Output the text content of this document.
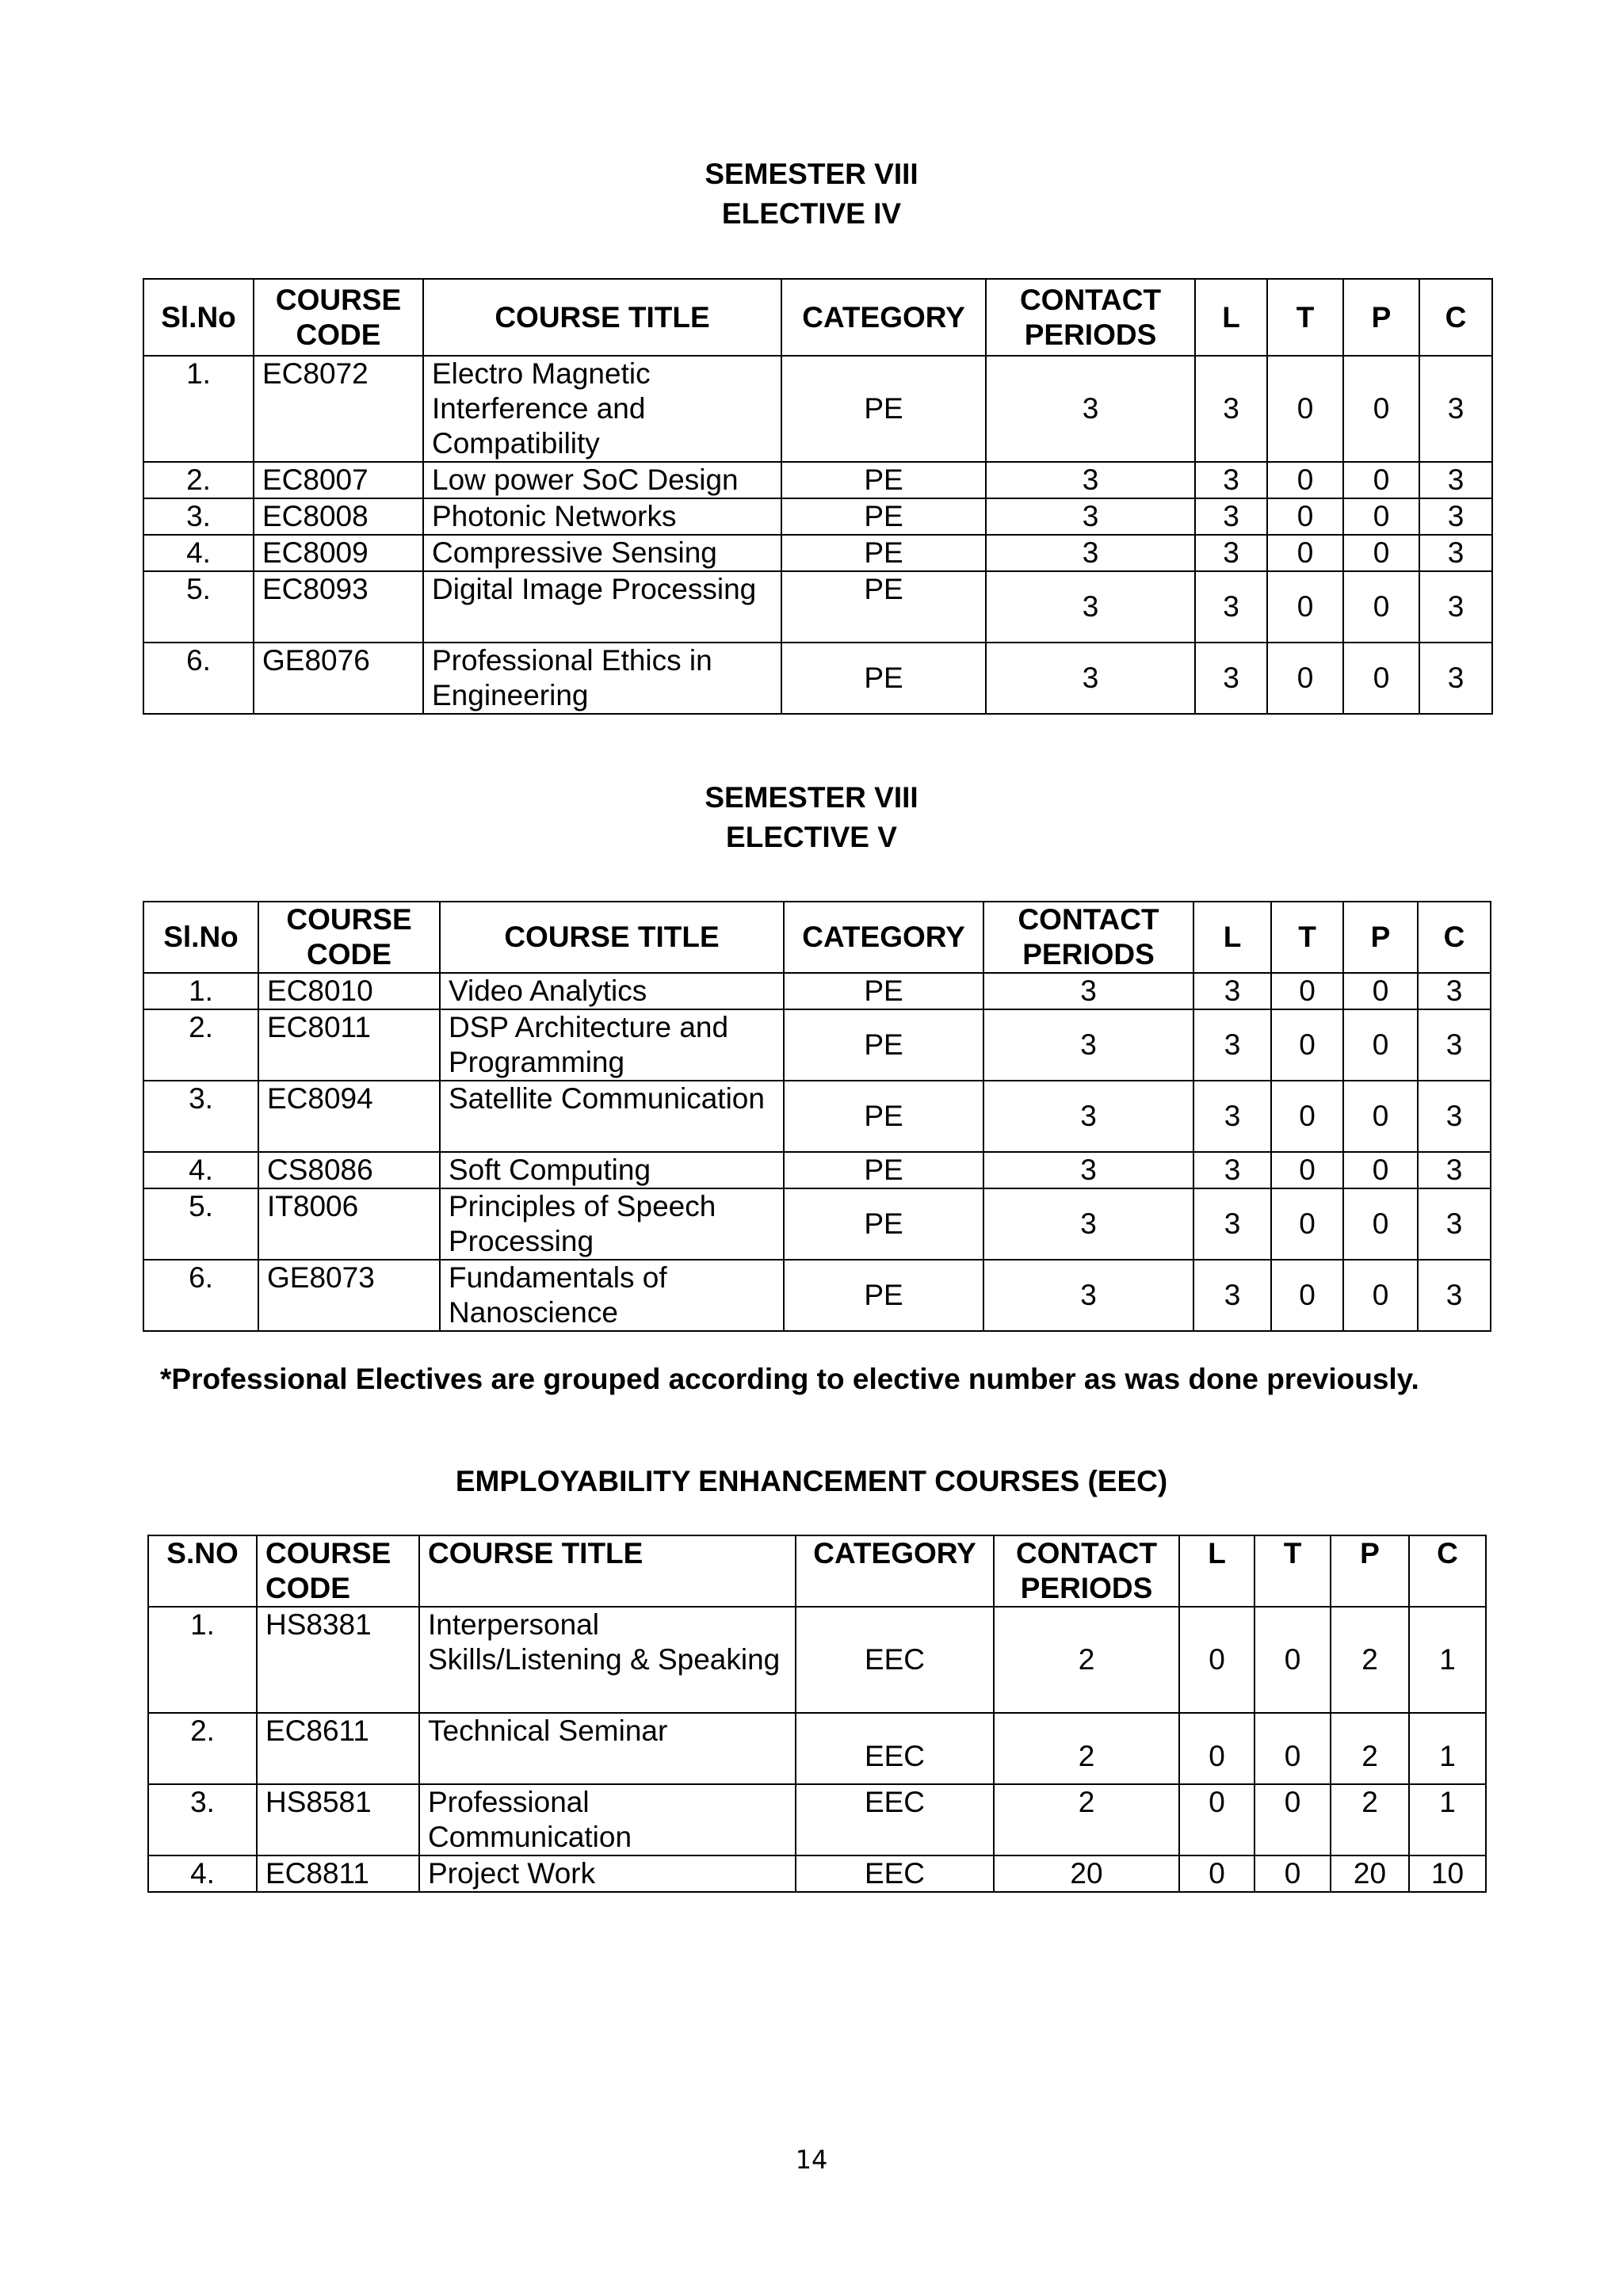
SEMESTER VIII
ELECTIVE IV
Sl.No	COURSE CODE	COURSE TITLE	CATEGORY	CONTACT PERIODS	L	T	P	C
1.	EC8072	Electro Magnetic Interference and Compatibility	PE	3	3	0	0	3
2.	EC8007	Low power SoC Design	PE	3	3	0	0	3
3.	EC8008	Photonic Networks	PE	3	3	0	0	3
4.	EC8009	Compressive Sensing	PE	3	3	0	0	3
5.	EC8093	Digital Image Processing	PE	3	3	0	0	3
6.	GE8076	Professional Ethics in Engineering	PE	3	3	0	0	3
SEMESTER VIII
ELECTIVE V
Sl.No	COURSE CODE	COURSE TITLE	CATEGORY	CONTACT PERIODS	L	T	P	C
1.	EC8010	Video Analytics	PE	3	3	0	0	3
2.	EC8011	DSP Architecture and Programming	PE	3	3	0	0	3
3.	EC8094	Satellite Communication	PE	3	3	0	0	3
4.	CS8086	Soft Computing	PE	3	3	0	0	3
5.	IT8006	Principles of Speech Processing	PE	3	3	0	0	3
6.	GE8073	Fundamentals of Nanoscience	PE	3	3	0	0	3
*Professional Electives are grouped according to elective number as was done previously.
EMPLOYABILITY ENHANCEMENT COURSES (EEC)
S.NO	COURSE CODE	COURSE TITLE	CATEGORY	CONTACT PERIODS	L	T	P	C
1.	HS8381	Interpersonal Skills/Listening & Speaking	EEC	2	0	0	2	1
2.	EC8611	Technical Seminar	EEC	2	0	0	2	1
3.	HS8581	Professional Communication	EEC	2	0	0	2	1
4.	EC8811	Project Work	EEC	20	0	0	20	10
14
